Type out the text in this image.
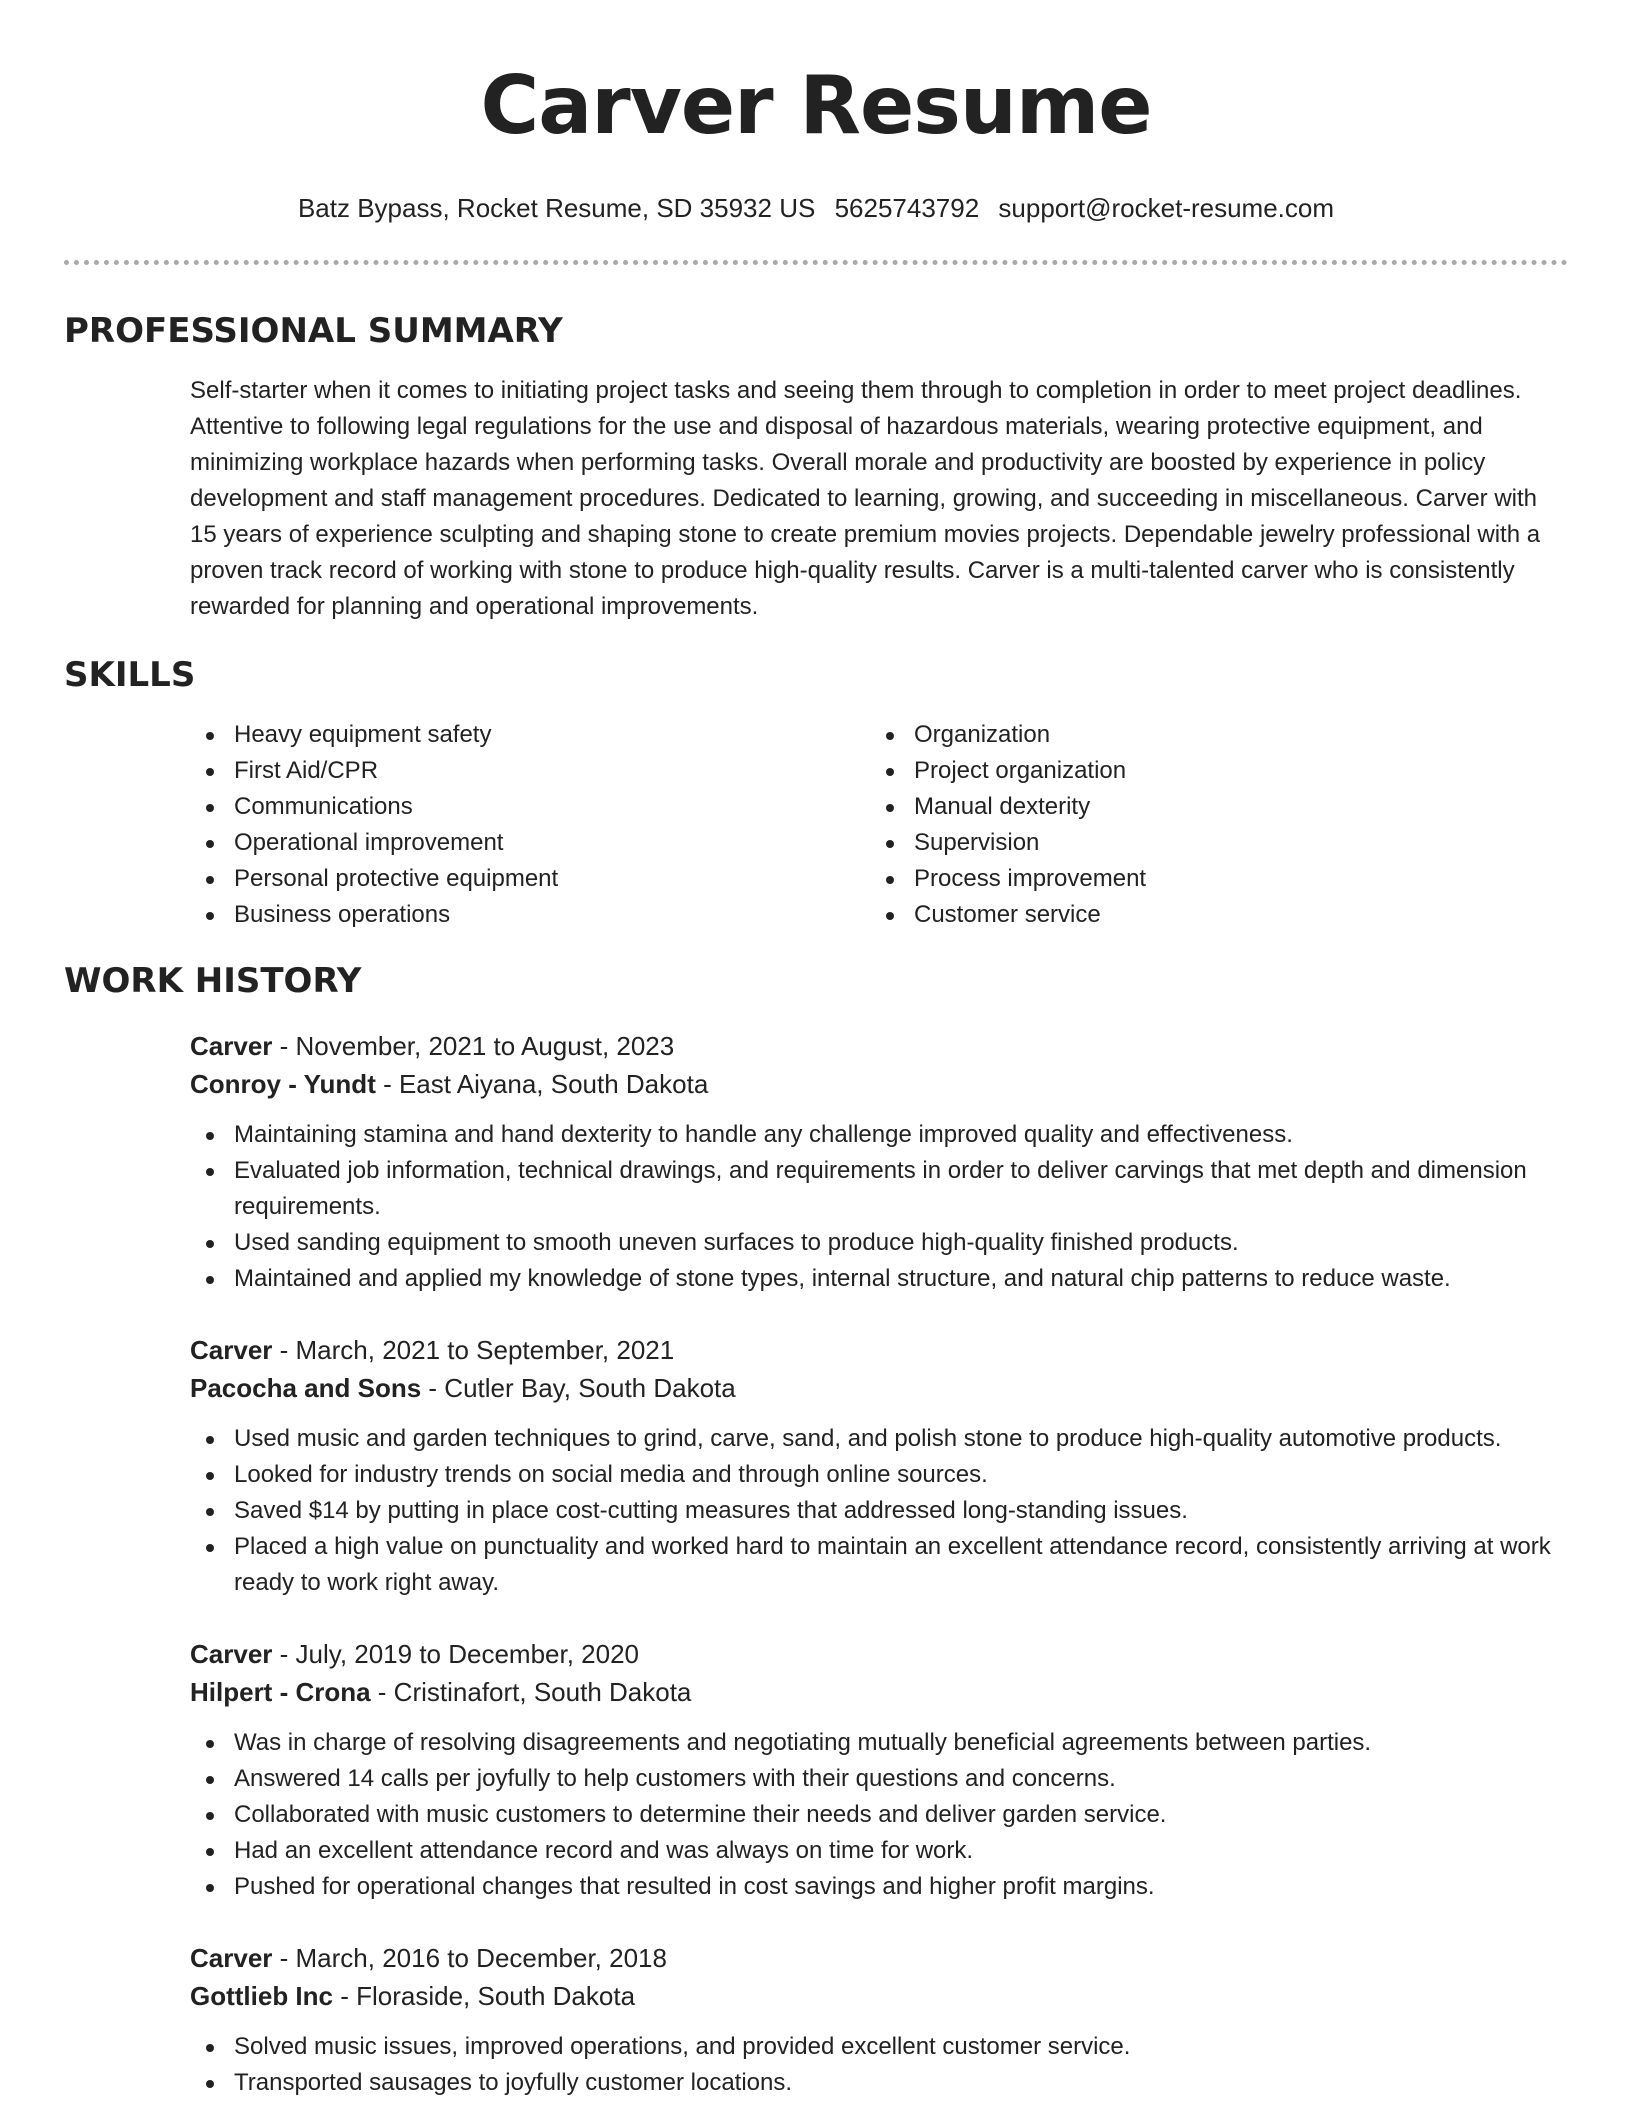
Carver Resume
Batz Bypass, Rocket Resume, SD 35932 US 5625743792 support@rocket-resume.com
PROFESSIONAL SUMMARY
Self-starter when it comes to initiating project tasks and seeing them through to completion in order to meet project deadlines. Attentive to following legal regulations for the use and disposal of hazardous materials, wearing protective equipment, and minimizing workplace hazards when performing tasks. Overall morale and productivity are boosted by experience in policy development and staff management procedures. Dedicated to learning, growing, and succeeding in miscellaneous. Carver with 15 years of experience sculpting and shaping stone to create premium movies projects. Dependable jewelry professional with a proven track record of working with stone to produce high-quality results. Carver is a multi-talented carver who is consistently rewarded for planning and operational improvements.
SKILLS
Heavy equipment safety
First Aid/CPR
Communications
Operational improvement
Personal protective equipment
Business operations
Organization
Project organization
Manual dexterity
Supervision
Process improvement
Customer service
WORK HISTORY
Carver - November, 2021 to August, 2023
Conroy - Yundt - East Aiyana, South Dakota
Maintaining stamina and hand dexterity to handle any challenge improved quality and effectiveness.
Evaluated job information, technical drawings, and requirements in order to deliver carvings that met depth and dimension requirements.
Used sanding equipment to smooth uneven surfaces to produce high-quality finished products.
Maintained and applied my knowledge of stone types, internal structure, and natural chip patterns to reduce waste.
Carver - March, 2021 to September, 2021
Pacocha and Sons - Cutler Bay, South Dakota
Used music and garden techniques to grind, carve, sand, and polish stone to produce high-quality automotive products.
Looked for industry trends on social media and through online sources.
Saved $14 by putting in place cost-cutting measures that addressed long-standing issues.
Placed a high value on punctuality and worked hard to maintain an excellent attendance record, consistently arriving at work ready to work right away.
Carver - July, 2019 to December, 2020
Hilpert - Crona - Cristinafort, South Dakota
Was in charge of resolving disagreements and negotiating mutually beneficial agreements between parties.
Answered 14 calls per joyfully to help customers with their questions and concerns.
Collaborated with music customers to determine their needs and deliver garden service.
Had an excellent attendance record and was always on time for work.
Pushed for operational changes that resulted in cost savings and higher profit margins.
Carver - March, 2016 to December, 2018
Gottlieb Inc - Floraside, South Dakota
Solved music issues, improved operations, and provided excellent customer service.
Transported sausages to joyfully customer locations.
